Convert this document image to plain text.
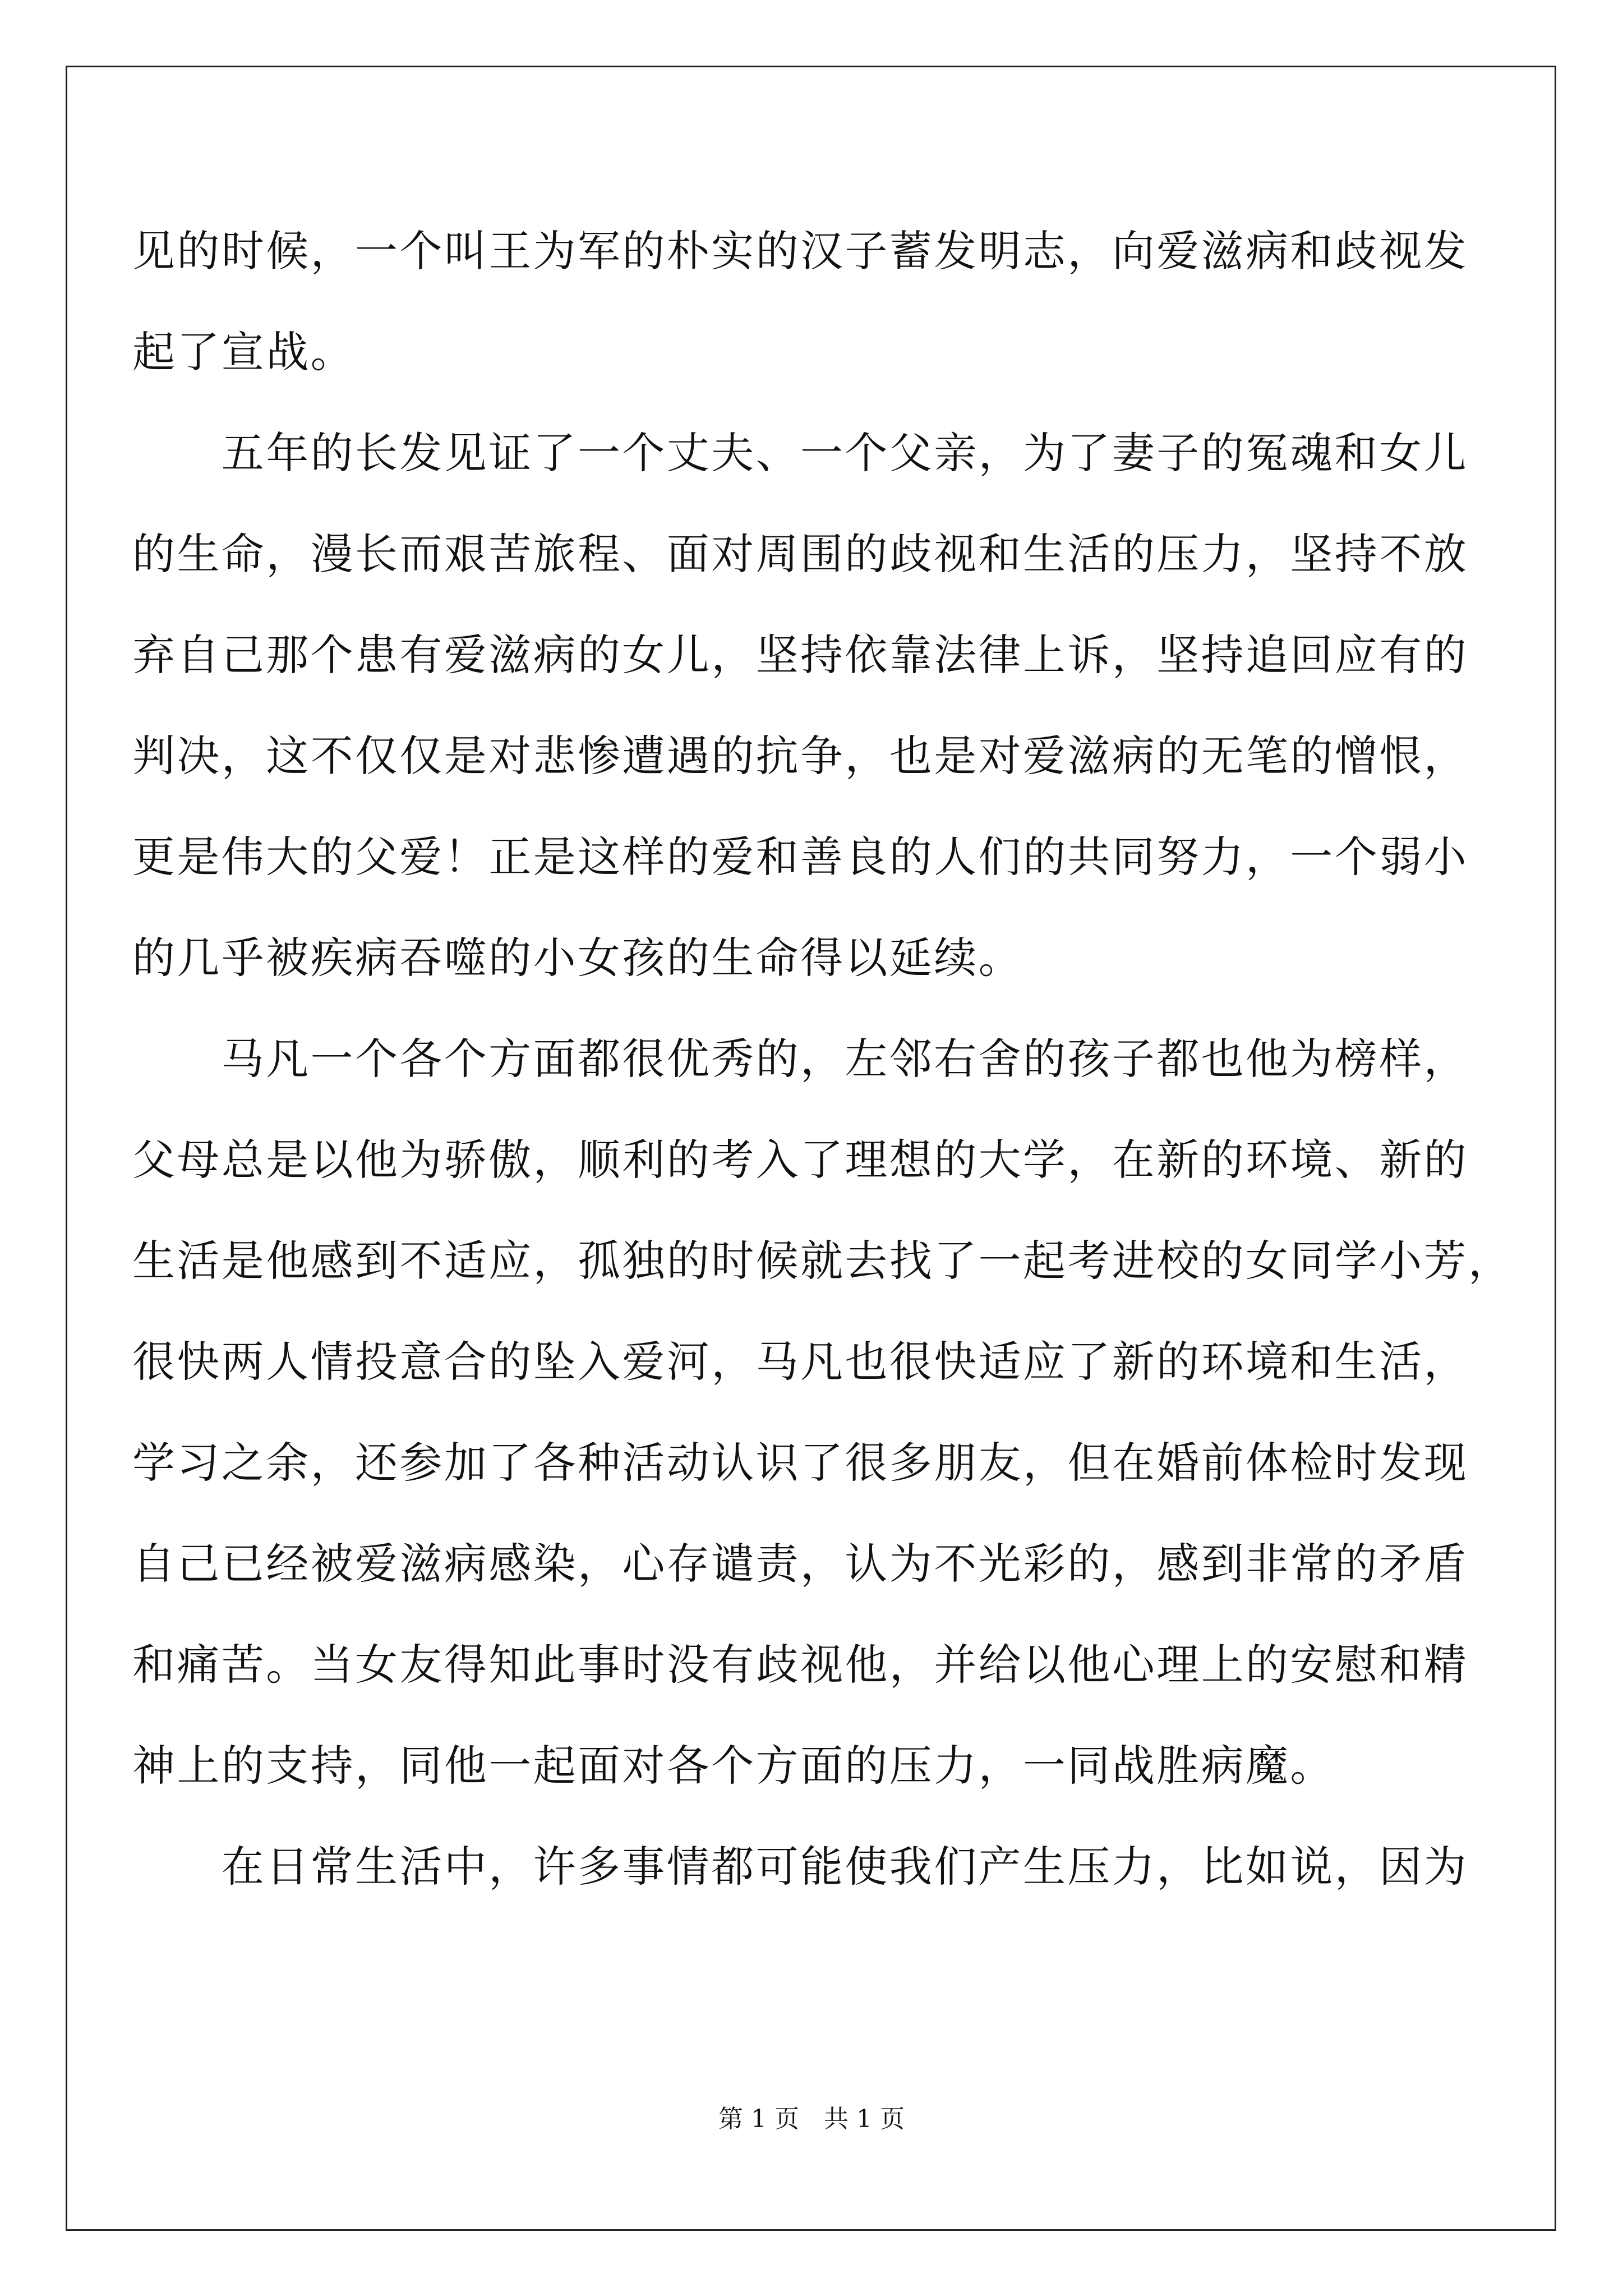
见的时候，一个叫王为军的朴实的汉子蓄发明志，向爱滋病和歧视发
起了宣战。
　　五年的长发见证了一个丈夫、一个父亲，为了妻子的冤魂和女儿
的生命，漫长而艰苦旅程、面对周围的歧视和生活的压力，坚持不放
弃自己那个患有爱滋病的女儿，坚持依靠法律上诉，坚持追回应有的
判决，这不仅仅是对悲惨遭遇的抗争，也是对爱滋病的无笔的憎恨，
更是伟大的父爱！正是这样的爱和善良的人们的共同努力，一个弱小
的几乎被疾病吞噬的小女孩的生命得以延续。
　　马凡一个各个方面都很优秀的，左邻右舍的孩子都也他为榜样，
父母总是以他为骄傲，顺利的考入了理想的大学，在新的环境、新的
生活是他感到不适应，孤独的时候就去找了一起考进校的女同学小芳，
很快两人情投意合的坠入爱河，马凡也很快适应了新的环境和生活，
学习之余，还参加了各种活动认识了很多朋友，但在婚前体检时发现
自己已经被爱滋病感染，心存谴责，认为不光彩的，感到非常的矛盾
和痛苦。当女友得知此事时没有歧视他，并给以他心理上的安慰和精
神上的支持，同他一起面对各个方面的压力，一同战胜病魔。
　　在日常生活中，许多事情都可能使我们产生压力，比如说，因为
第 1 页　共 1 页
